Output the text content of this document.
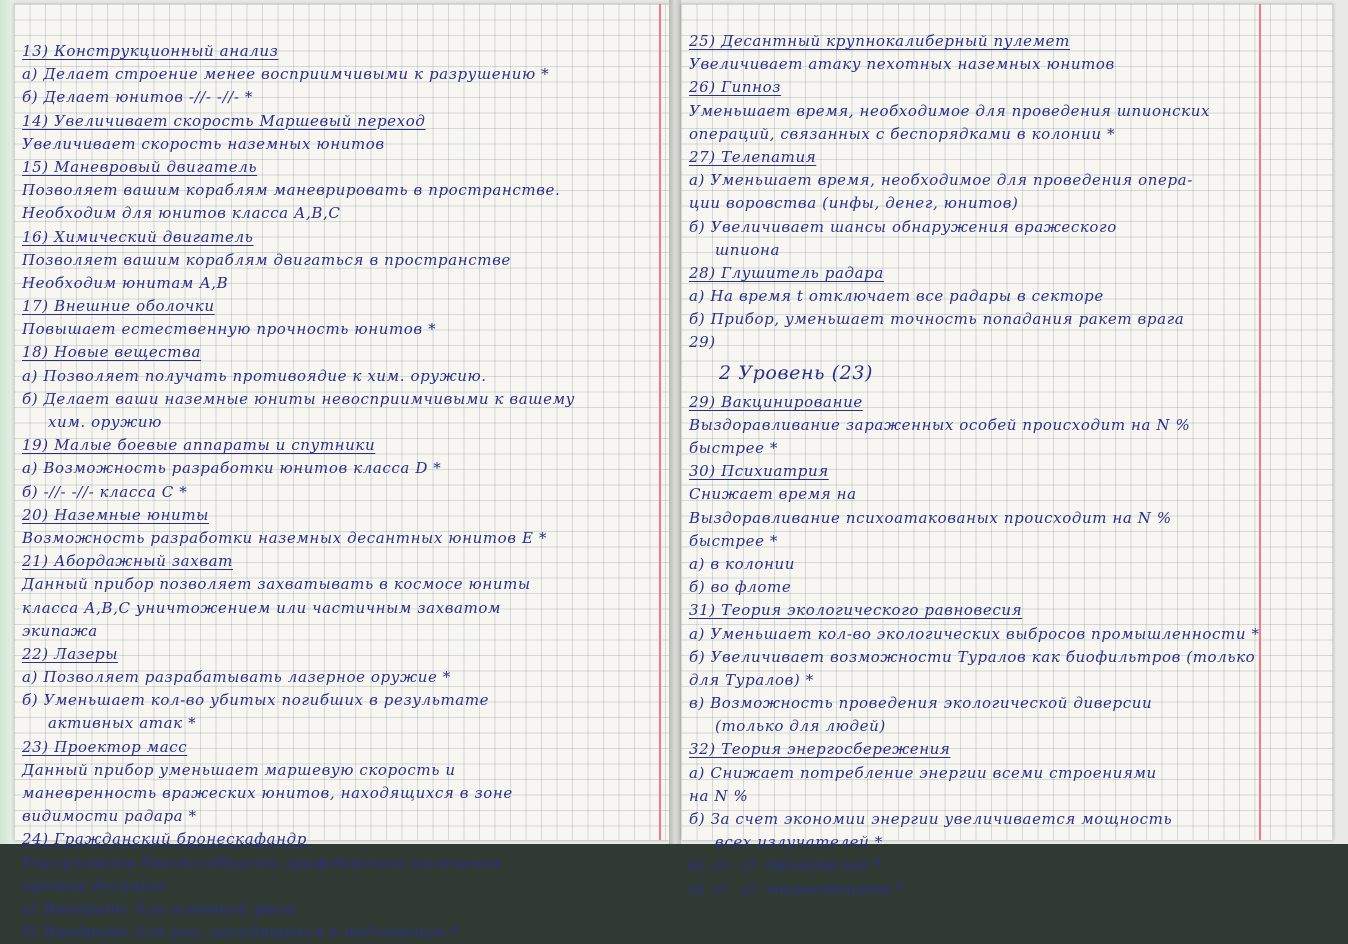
13) Конструкционный анализ
а) Делает строение менее восприимчивыми к разрушению *
б) Делает юнитов -//- -//- *
14) Увеличивает скорость Маршевый переход
Увеличивает скорость наземных юнитов
15) Маневровый двигатель
Позволяет вашим кораблям маневрировать в пространстве.
Необходим для юнитов класса А,В,С
16) Химический двигатель
Позволяет вашим кораблям двигаться в пространстве
Необходим юнитам А,В
17) Внешние оболочки
Повышает естественную прочность юнитов *
18) Новые вещества
а) Позволяет получать противоядие к хим. оружию.
б) Делает ваши наземные юниты невосприимчивыми к вашему
хим. оружию
19) Малые боевые аппараты и спутники
а) Возможность разработки юнитов класса D *
б) -//- -//- класса С *
20) Наземные юниты
Возможность разработки наземных десантных юнитов Е *
21) Абордажный захват
Данный прибор позволяет захватывать в космосе юниты
класса А,В,С уничтожением или частичным захватом
экипажа
22) Лазеры
а) Позволяет разрабатывать лазерное оружие *
б) Уменьшает кол-во убитых погибших в результате
активных атак *
23) Проектор масс
Данный прибор уменьшает маршевую скорость и
маневренность вражеских юнитов, находящихся в зоне
видимости радара *
24) Гражданский бронескафандр
Увеличивает боеспособность гражданского населения
против десанта
а) Внедрить для основной расы
б) Внедрить для рас, находящихся в подчинении *
25) Десантный крупнокалиберный пулемет
Увеличивает атаку пехотных наземных юнитов
26) Гипноз
Уменьшает время, необходимое для проведения шпионских
операций, связанных с беспорядками в колонии *
27) Телепатия
а) Уменьшает время, необходимое для проведения опера-
ции воровства (инфы, денег, юнитов)
б) Увеличивает шансы обнаружения вражеского
шпиона
28) Глушитель радара
а) На время t отключает все радары в секторе
б) Прибор, уменьшает точность попадания ракет врага
29)
2 Уровень (23)
29) Вакцинирование
Выздоравливание зараженных особей происходит на N %
быстрее *
30) Психиатрия
Снижает время на
Выздоравливание психоатакованых происходит на N %
быстрее *
а) в колонии
б) во флоте
31) Теория экологического равновесия
а) Уменьшает кол-во экологических выбросов промышленности *
б) Увеличивает возможности Туралов как биофильтров (только
для Туралов) *
в) Возможность проведения экологической диверсии
(только для людей)
32) Теория энергосбережения
а) Снижает потребление энергии всеми строениями
на N %
б) За счет экономии энергии увеличивается мощность
всех излучателей *
в) -//- -//- двигателей *
г) -//- -//- энергоюнитов *
